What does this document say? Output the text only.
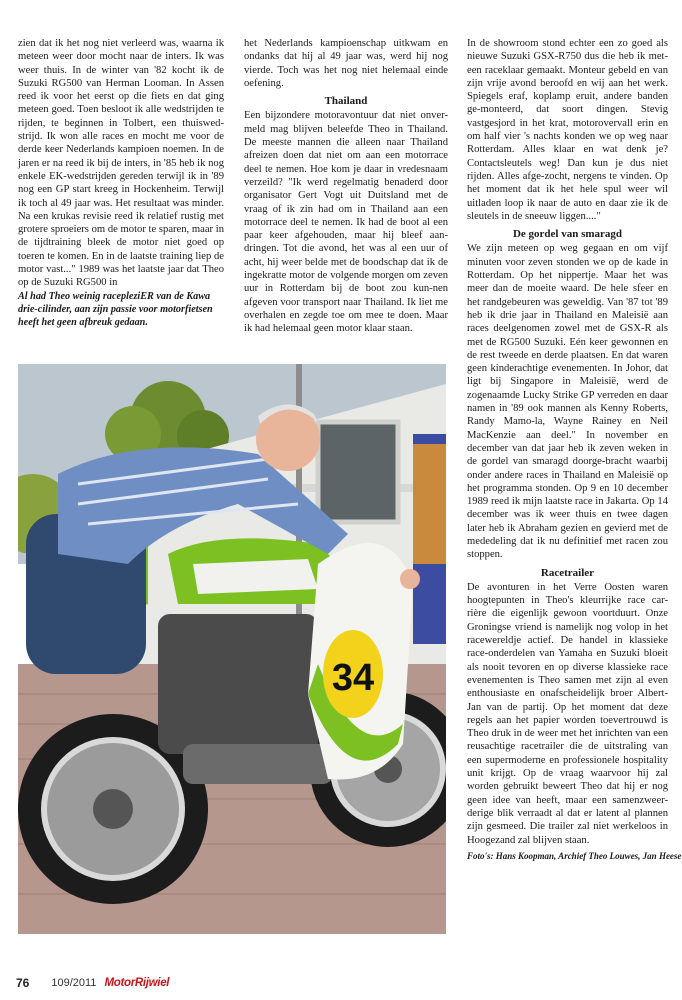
zien dat ik het nog niet verleerd was, waarna ik meteen weer door mocht naar de inters. Ik was weer thuis. In de winter van '82 kocht ik de Suzuki RG500 van Herman Looman. In Assen reed ik voor het eerst op die fiets en dat ging meteen goed. Toen besloot ik alle wedstrijden te rijden, te beginnen in Tolbert, een thuiswed-strijd. Ik won alle races en mocht me voor de derde keer Nederlands kampioen noemen. In de jaren er na reed ik bij de inters, in '85 heb ik nog enkele EK-wedstrijden gereden terwijl ik in '89 nog een GP start kreeg in Hockenheim. Terwijl ik toch al 49 jaar was. Het resultaat was minder. Na een krukas revisie reed ik relatief rustig met grotere sproeiers om de motor te sparen, maar in de tijdtraining bleek de motor niet goed op toeren te komen. En in de laatste training liep de motor vast..." 1989 was het laatste jaar dat Theo op de Suzuki RG500 in

Al had Theo weinig racepleziER van de Kawa drie-cilinder, aan zijn passie voor motorfietsen heeft het geen afbreuk gedaan.

het Nederlands kampioenschap uitkwam en ondanks dat hij al 49 jaar was, werd hij nog vierde. Toch was het nog niet helemaal einde oefening.

Thailand

Een bijzondere motoravontuur dat niet onver-meld mag blijven beleefde Theo in Thailand. De meeste mannen die alleen naar Thailand afreizen doen dat niet om aan een motorrace deel te nemen. Hoe kom je daar in vredesnaam verzeild? "Ik werd regelmatig benaderd door organisator Gert Vogt uit Duitsland met de vraag of ik zin had om in Thailand aan een motorrace deel te nemen. Ik had de boot al een paar keer afgehouden, maar hij bleef aan-dringen. Tot die avond, het was al een uur of acht, hij weer belde met de boodschap dat ik de ingekratte motor de volgende morgen om zeven uur in Rotterdam bij de boot zou kun-nen afgeven voor transport naar Thailand. Ik liet me overhalen en zegde toe om mee te doen. Maar ik had helemaal geen motor klaar staan.

In de showroom stond echter een zo goed als nieuwe Suzuki GSX-R750 dus die heb ik met-een raceklaar gemaakt. Monteur gebeld en van zijn vrije avond beroofd en wij aan het werk. Spiegels eraf, koplamp eruit, andere banden ge-monteerd, dat soort dingen. Stevig vastgesjord in het krat, motorovervall erin en om half vier 's nachts konden we op weg naar Rotterdam. Alles klaar en wat denk je? Contactsleutels weg! Dan kun je dus niet rijden. Alles afge-zocht, nergens te vinden. Op het moment dat ik het hele spul weer wil uitladen loop ik naar de auto en daar zie ik de sleutels in de sneeuw liggen...."

De gordel van smaragd

We zijn meteen op weg gegaan en om vijf minuten voor zeven stonden we op de kade in Rotterdam. Op het nippertje. Maar het was meer dan de moeite waard. De hele sfeer en het randgebeuren was geweldig. Van '87 tot '89 heb ik drie jaar in Thailand en Maleisië aan races deelgenomen zowel met de GSX-R als met de RG500 Suzuki. Eén keer gewonnen en de rest tweede en derde plaatsen. En dat waren geen kinderachtige evenementen. In Johor, dat ligt bij Singapore in Maleisië, werd de zogenaamde Lucky Strike GP verreden en daar namen in '89 ook mannen als Kenny Roberts, Randy Mamo-la, Wayne Rainey en Neil MacKenzie aan deel." In november en december van dat jaar heb ik zeven weken in de gordel van smaragd doorge-bracht waarbij onder andere races in Thailand en Maleisië op het programma stonden. Op 9 en 10 december 1989 reed ik mijn laatste race in Jakarta. Op 14 december was ik weer thuis en twee dagen later heb ik Abraham gezien en gevierd met de mededeling dat ik nu definitief met racen zou stoppen.

Racetrailer

De avonturen in het Verre Oosten waren hoogtepunten in Theo's kleurrijke race car-rière die eigenlijk gewoon voortduurt. Onze Groningse vriend is namelijk nog volop in het racewereldje actief. De handel in klassieke race-onderdelen van Yamaha en Suzuki bloeit als nooit tevoren en op diverse klassieke race evenementen is Theo samen met zijn al even enthousiaste en onafscheidelijk broer Albert-Jan van de partij. Op het moment dat deze regels aan het papier worden toevertrouwd is Theo druk in de weer met het inrichten van een reusachtige racetrailer die de uitstraling van een supermoderne en professionele hospitality unit krijgt. Op de vraag waarvoor hij zal worden gebruikt beweert Theo dat hij er nog geen idee van heeft, maar een samenzweer-derige blik verraadt al dat er latent al plannen zijn gesmeed. Die trailer zal niet werkeloos in Hoogezand zal blijven staan.

Foto's: Hans Koopman, Archief Theo Louwes, Jan Heese
34
76 109/2011 MotorRijwiel
